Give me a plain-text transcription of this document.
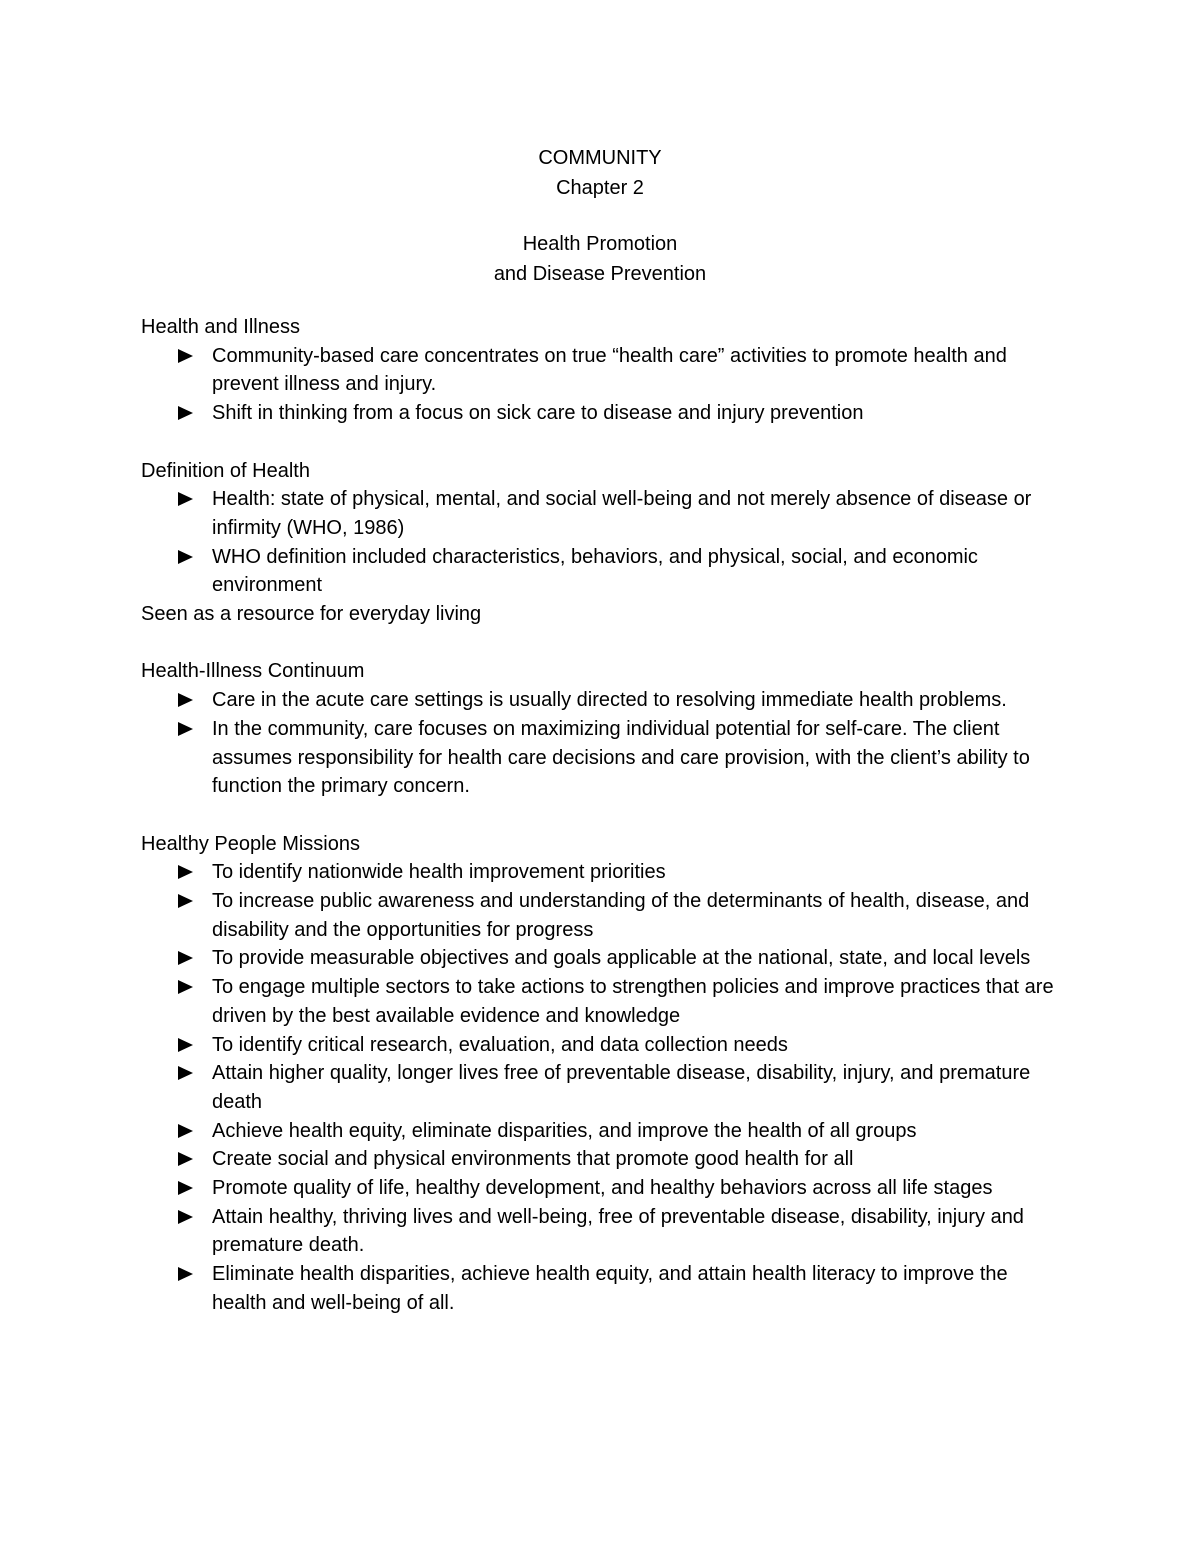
COMMUNITY
Chapter 2
Health Promotion
and Disease Prevention
Health and Illness
Community-based care concentrates on true “health care” activities to promote health and prevent illness and injury.
Shift in thinking from a focus on sick care to disease and injury prevention
Definition of Health
Health: state of physical, mental, and social well-being and not merely absence of disease or infirmity (WHO, 1986)
WHO definition included characteristics, behaviors, and physical, social, and economic environment
Seen as a resource for everyday living
Health-Illness Continuum
Care in the acute care settings is usually directed to resolving immediate health problems.
In the community, care focuses on maximizing individual potential for self-care. The client assumes responsibility for health care decisions and care provision, with the client’s ability to function the primary concern.
Healthy People Missions
To identify nationwide health improvement priorities
To increase public awareness and understanding of the determinants of health, disease, and disability and the opportunities for progress
To provide measurable objectives and goals applicable at the national, state, and local levels
To engage multiple sectors to take actions to strengthen policies and improve practices that are driven by the best available evidence and knowledge
To identify critical research, evaluation, and data collection needs
Attain higher quality, longer lives free of preventable disease, disability, injury, and premature death
Achieve health equity, eliminate disparities, and improve the health of all groups
Create social and physical environments that promote good health for all
Promote quality of life, healthy development, and healthy behaviors across all life stages
Attain healthy, thriving lives and well-being, free of preventable disease, disability, injury and premature death.
Eliminate health disparities, achieve health equity, and attain health literacy to improve the health and well-being of all.
